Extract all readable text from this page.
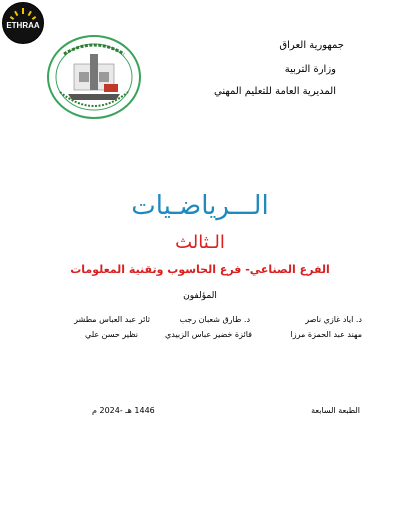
ETHRAA
جمهورية العراق
وزارة التربية
المديرية العامة للتعليم المهني
الـــرياضـيات
الـثالث
الفرع الصناعي- فرع الحاسوب وتقنية المعلومات
المؤلفون
د. اياد غازي ناصر
د. طارق شعبان رجب
ثائر عبد العباس مطشر
مهند عبد الحمزة مرزا
فائزة خضير عباس الزبيدي
نظير حسن علي
الطبعة السابعة
1446 هـ -2024 م
